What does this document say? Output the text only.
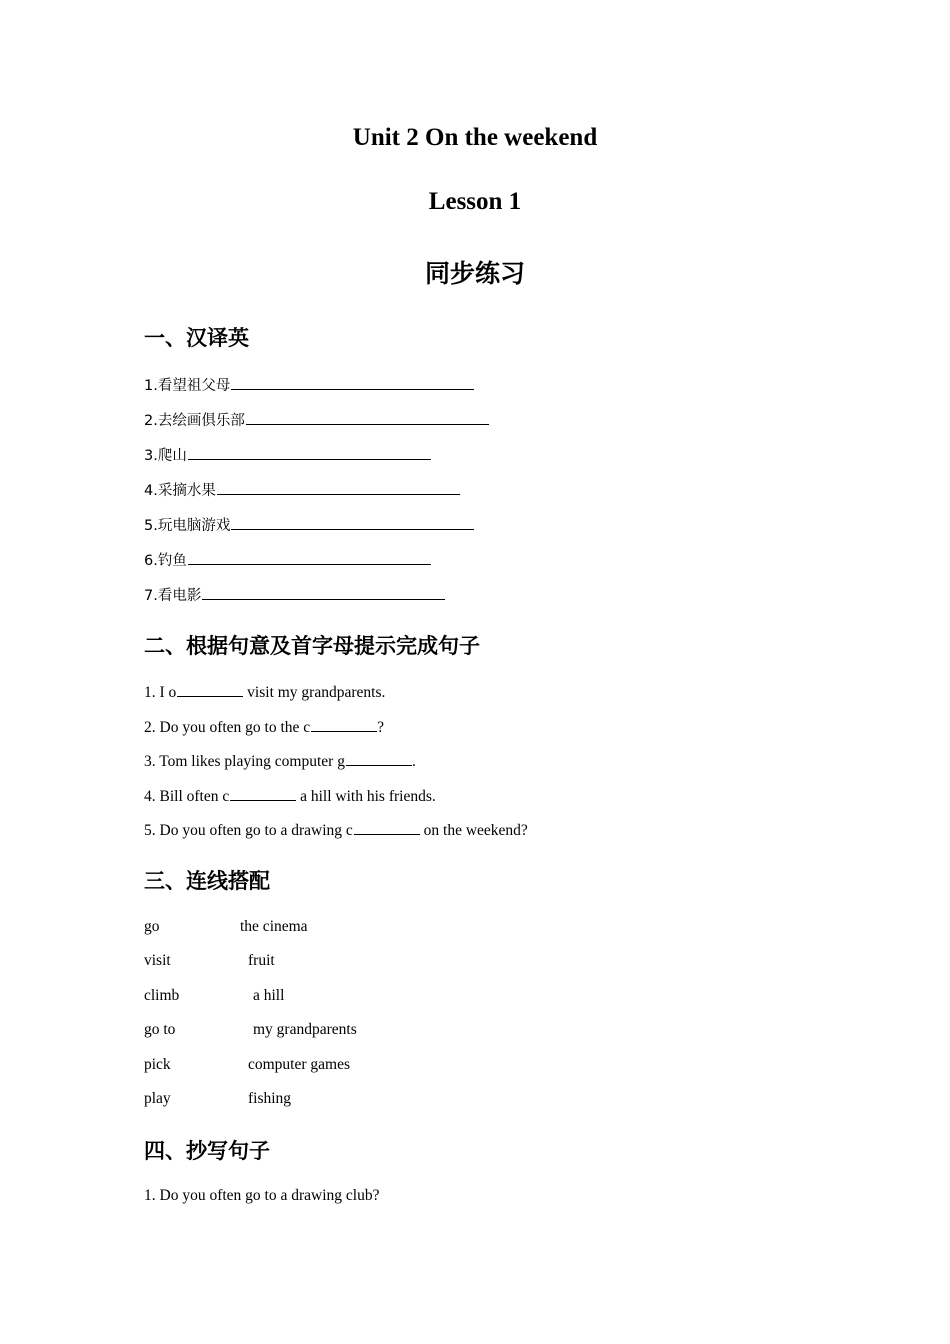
Unit 2 On the weekend
Lesson 1
同步练习
一、汉译英
1.看望祖父母
2.去绘画俱乐部
3.爬山
4.采摘水果
5.玩电脑游戏
6.钓鱼
7.看电影
二、根据句意及首字母提示完成句子
1. I o	visit my grandparents.
2. Do you often go to the c	?
3. Tom likes playing computer g	.
4. Bill often c	a hill with his friends.
5. Do you often go to a drawing c	on the weekend?
三、连线搭配
go	the cinema
visit	fruit
climb	a hill
go to	my grandparents
pick	computer games
play	fishing
四、抄写句子
1. Do you often go to a drawing club?
